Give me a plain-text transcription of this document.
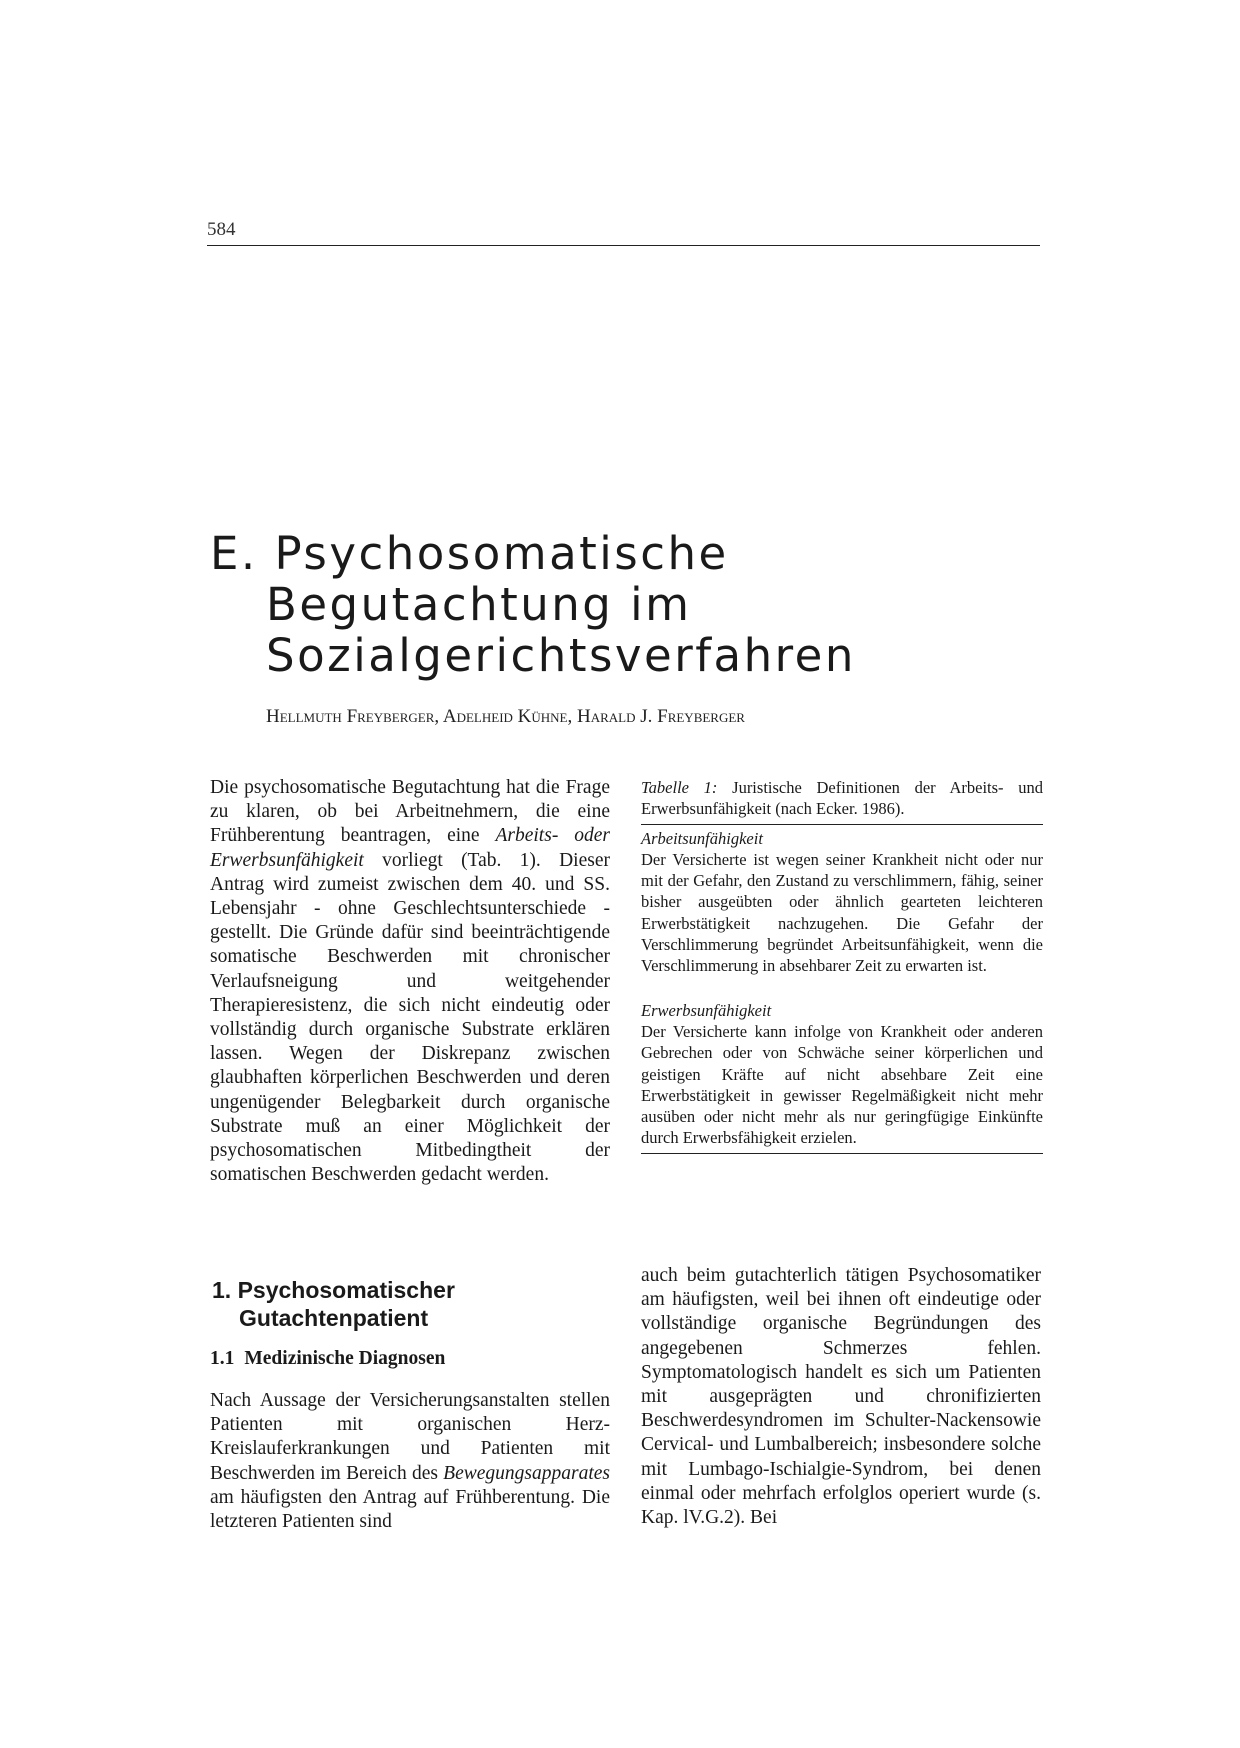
584
E. Psychosomatische
Begutachtung im
Sozialgerichtsverfahren
Hellmuth Freyberger, Adelheid Kühne, Harald J. Freyberger

Die psychosomatische Begutachtung hat die Frage zu klaren, ob bei Arbeitnehmern, die eine Frühberentung beantragen, eine Arbeits- oder Erwerbsunfähigkeit vorliegt (Tab. 1). Dieser Antrag wird zumeist zwischen dem 40. und SS. Lebensjahr - ohne Geschlechtsunterschiede - gestellt. Die Gründe dafür sind beeinträchtigende somatische Beschwerden mit chronischer Verlaufsneigung und weitgehender Therapieresistenz, die sich nicht eindeutig oder vollständig durch organische Substrate erklären lassen. Wegen der Diskrepanz zwischen glaubhaften körperlichen Beschwerden und deren ungenügender Belegbarkeit durch organische Substrate muß an einer Möglichkeit der psychosomatischen Mitbedingtheit der somatischen Beschwerden gedacht werden.

Tabelle 1: Juristische Definitionen der Arbeits- und Erwerbsunfähigkeit (nach Ecker. 1986).

Arbeitsunfähigkeit

Der Versicherte ist wegen seiner Krankheit nicht oder nur mit der Gefahr, den Zustand zu verschlimmern, fähig, seiner bisher ausgeübten oder ähnlich gearteten leichteren Erwerbstätigkeit nachzugehen. Die Gefahr der Verschlimmerung begründet Arbeitsunfähigkeit, wenn die Verschlimmerung in absehbarer Zeit zu erwarten ist.

Erwerbsunfähigkeit

Der Versicherte kann infolge von Krankheit oder anderen Gebrechen oder von Schwäche seiner körperlichen und geistigen Kräfte auf nicht absehbare Zeit eine Erwerbstätigkeit in gewisser Regelmäßigkeit nicht mehr ausüben oder nicht mehr als nur geringfügige Einkünfte durch Erwerbsfähigkeit erzielen.

1. Psychosomatischer
Gutachtenpatient
1.1 Medizinische Diagnosen

Nach Aussage der Versicherungsanstalten stellen Patienten mit organischen Herz-Kreislauferkrankungen und Patienten mit Beschwerden im Bereich des Bewegungsapparates am häufigsten den Antrag auf Frühberentung. Die letzteren Patienten sind

auch beim gutachterlich tätigen Psychosomatiker am häufigsten, weil bei ihnen oft eindeutige oder vollständige organische Begründungen des angegebenen Schmerzes fehlen. Symptomatologisch handelt es sich um Patienten mit ausgeprägten und chronifizierten Beschwerdesyndromen im Schulter-Nackensowie Cervical- und Lumbalbereich; insbesondere solche mit Lumbago-Ischialgie-Syndrom, bei denen einmal oder mehrfach erfolglos operiert wurde (s. Kap. lV.G.2). Bei
